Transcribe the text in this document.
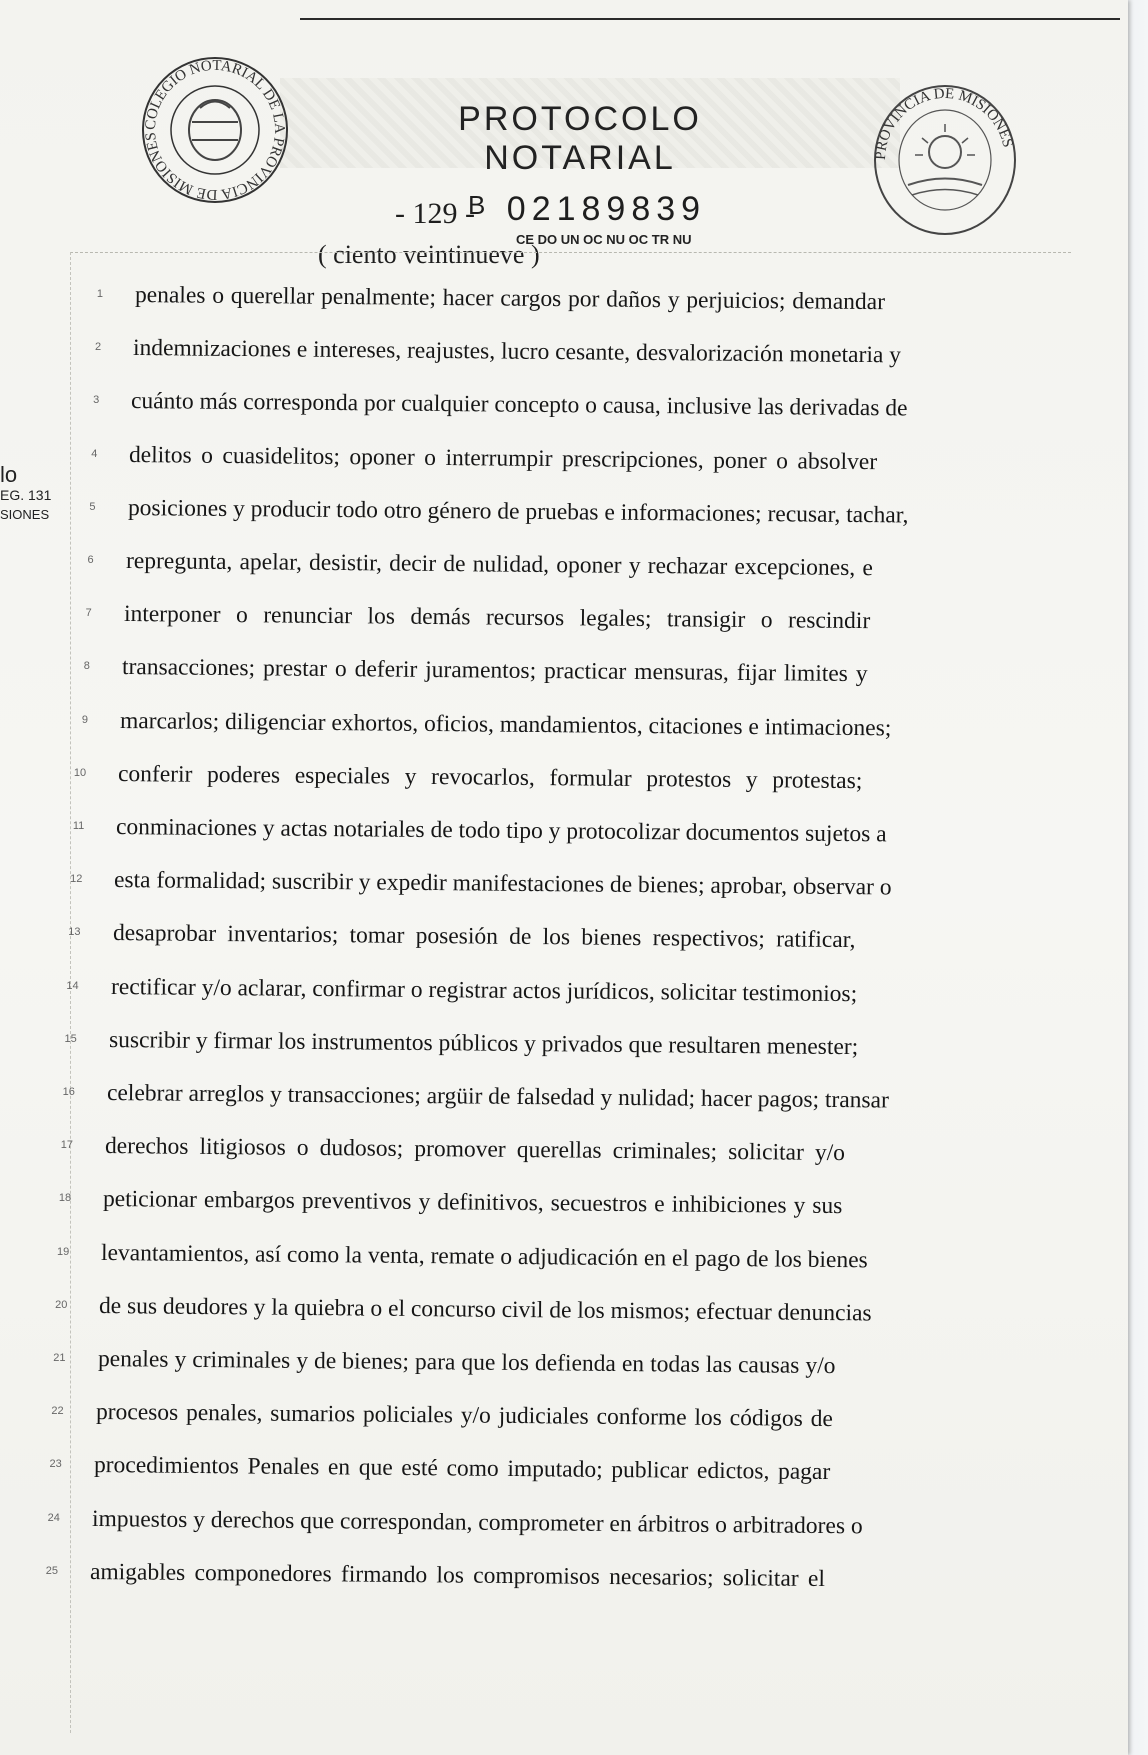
COLEGIO NOTARIAL DE LA PROVINCIA DE MISIONES	PROTOCOLO NOTARIAL	PROVINCIA DE MISIONES
- 129 -
$^B$ 02189839
CE DO UN OC NU OC TR NU
( ciento veintinueve )
lo
EG. 131
SIONES
1 penales o querellar penalmente; hacer cargos por daños y perjuicios; demandar
2 indemnizaciones e intereses, reajustes, lucro cesante, desvalorización monetaria y
3 cuánto más corresponda por cualquier concepto o causa, inclusive las derivadas de
4 delitos o cuasidelitos; oponer o interrumpir prescripciones, poner o absolver
5 posiciones y producir todo otro género de pruebas e informaciones; recusar, tachar,
6 repregunta, apelar, desistir, decir de nulidad, oponer y rechazar excepciones, e
7 interponer o renunciar los demás recursos legales; transigir o rescindir
8 transacciones; prestar o deferir juramentos; practicar mensuras, fijar limites y
9 marcarlos; diligenciar exhortos, oficios, mandamientos, citaciones e intimaciones;
10 conferir poderes especiales y revocarlos, formular protestos y protestas;
11 conminaciones y actas notariales de todo tipo y protocolizar documentos sujetos a
12 esta formalidad; suscribir y expedir manifestaciones de bienes; aprobar, observar o
13 desaprobar inventarios; tomar posesión de los bienes respectivos; ratificar,
14 rectificar y/o aclarar, confirmar o registrar actos jurídicos, solicitar testimonios;
15 suscribir y firmar los instrumentos públicos y privados que resultaren menester;
16 celebrar arreglos y transacciones; argüir de falsedad y nulidad; hacer pagos; transar
17 derechos litigiosos o dudosos; promover querellas criminales; solicitar y/o
18 peticionar embargos preventivos y definitivos, secuestros e inhibiciones y sus
19 levantamientos, así como la venta, remate o adjudicación en el pago de los bienes
20 de sus deudores y la quiebra o el concurso civil de los mismos; efectuar denuncias
21 penales y criminales y de bienes; para que los defienda en todas las causas y/o
22 procesos penales, sumarios policiales y/o judiciales conforme los códigos de
23 procedimientos Penales en que esté como imputado; publicar edictos, pagar
24 impuestos y derechos que correspondan, comprometer en árbitros o arbitradores o
25 amigables componedores firmando los compromisos necesarios; solicitar el
